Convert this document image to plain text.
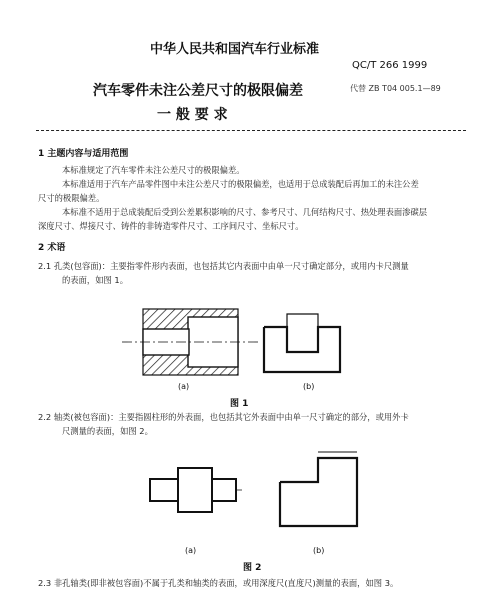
中华人民共和国汽车行业标准
QC/T 266 1999
汽车零件未注公差尺寸的极限偏差	代替 ZB T04 005.1—89
一 般 要 求
1 主题内容与适用范围
本标准规定了汽车零件未注公差尺寸的极限偏差。
本标准适用于汽车产品零件图中未注公差尺寸的极限偏差，也适用于总成装配后再加工的未注公差
尺寸的极限偏差。
本标准不适用于总成装配后受到公差累积影响的尺寸、参考尺寸、几何结构尺寸、热处理表面渗碳层
深度尺寸、焊接尺寸、铸件的非铸造零件尺寸、工序间尺寸、坐标尺寸。
2 术语
2.1 孔类(包容面)：主要指零件形内表面，也包括其它内表面中由单一尺寸确定部分，或用内卡尺测量
的表面，如图 1。
(a)	(b)
图 1
2.2 轴类(被包容面)：主要指圆柱形的外表面，也包括其它外表面中由单一尺寸确定的部分，或用外卡
尺测量的表面，如图 2。
(a)	(b)
图 2
2.3 非孔轴类(即非被包容面)不属于孔类和轴类的表面，或用深度尺(直度尺)测量的表面，如图 3。
